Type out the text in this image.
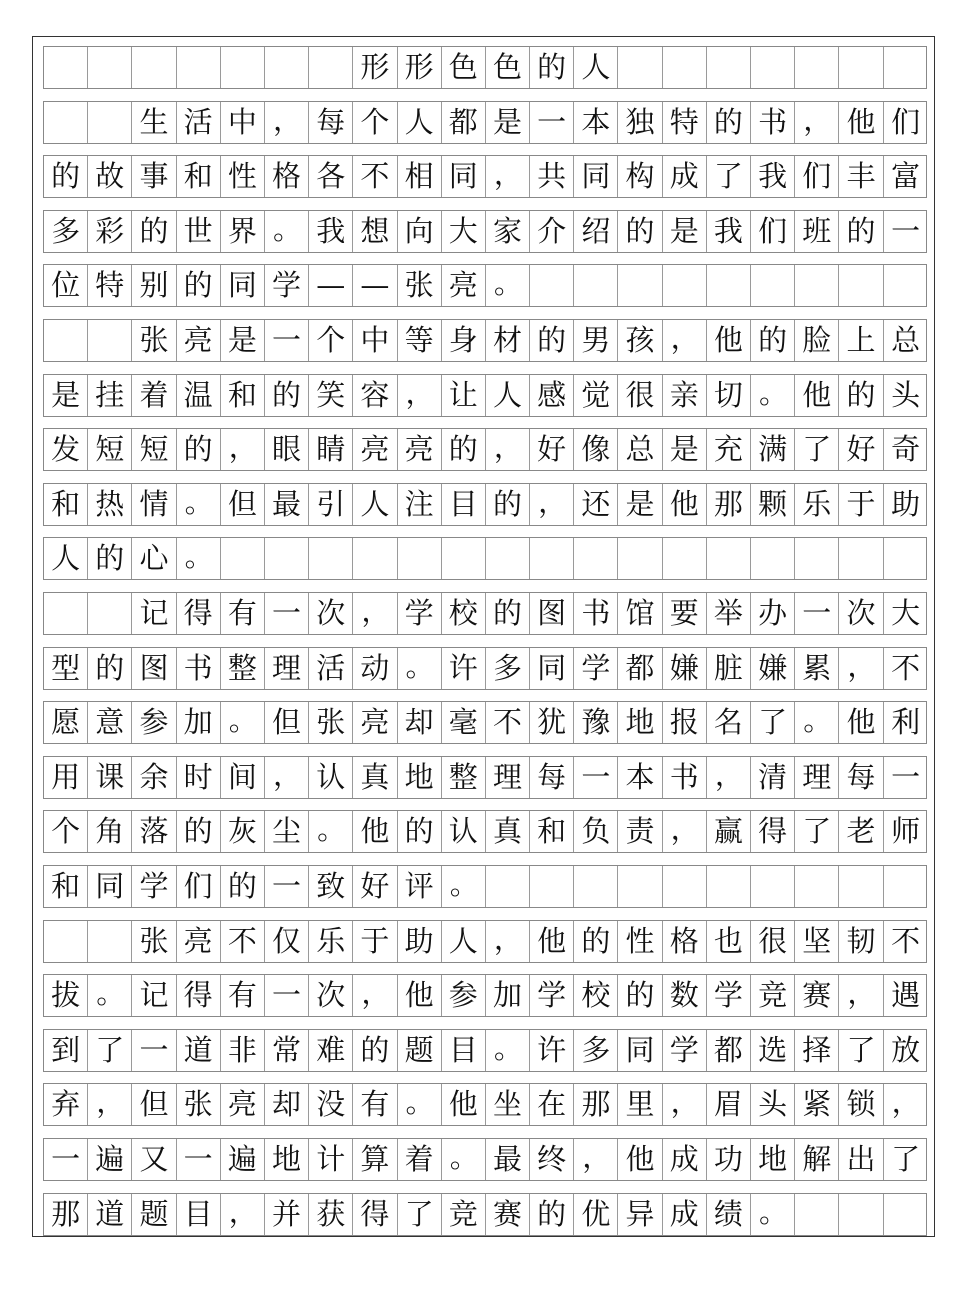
形 形 色 色 的 人
生 活 中 ， 每 个 人 都 是 一 本 独 特 的 书 ， 他 们
的 故 事 和 性 格 各 不 相 同 ， 共 同 构 成 了 我 们 丰 富
多 彩 的 世 界 。 我 想 向 大 家 介 绍 的 是 我 们 班 的 一
位 特 别 的 同 学 — — 张 亮 。
张 亮 是 一 个 中 等 身 材 的 男 孩 ， 他 的 脸 上 总
是 挂 着 温 和 的 笑 容 ， 让 人 感 觉 很 亲 切 。 他 的 头
发 短 短 的 ， 眼 睛 亮 亮 的 ， 好 像 总 是 充 满 了 好 奇
和 热 情 。 但 最 引 人 注 目 的 ， 还 是 他 那 颗 乐 于 助
人 的 心 。
记 得 有 一 次 ， 学 校 的 图 书 馆 要 举 办 一 次 大
型 的 图 书 整 理 活 动 。 许 多 同 学 都 嫌 脏 嫌 累 ， 不
愿 意 参 加 。 但 张 亮 却 毫 不 犹 豫 地 报 名 了 。 他 利
用 课 余 时 间 ， 认 真 地 整 理 每 一 本 书 ， 清 理 每 一
个 角 落 的 灰 尘 。 他 的 认 真 和 负 责 ， 赢 得 了 老 师
和 同 学 们 的 一 致 好 评 。
张 亮 不 仅 乐 于 助 人 ， 他 的 性 格 也 很 坚 韧 不
拔 。 记 得 有 一 次 ， 他 参 加 学 校 的 数 学 竞 赛 ， 遇
到 了 一 道 非 常 难 的 题 目 。 许 多 同 学 都 选 择 了 放
弃 ， 但 张 亮 却 没 有 。 他 坐 在 那 里 ， 眉 头 紧 锁 ，
一 遍 又 一 遍 地 计 算 着 。 最 终 ， 他 成 功 地 解 出 了
那 道 题 目 ， 并 获 得 了 竞 赛 的 优 异 成 绩 。
